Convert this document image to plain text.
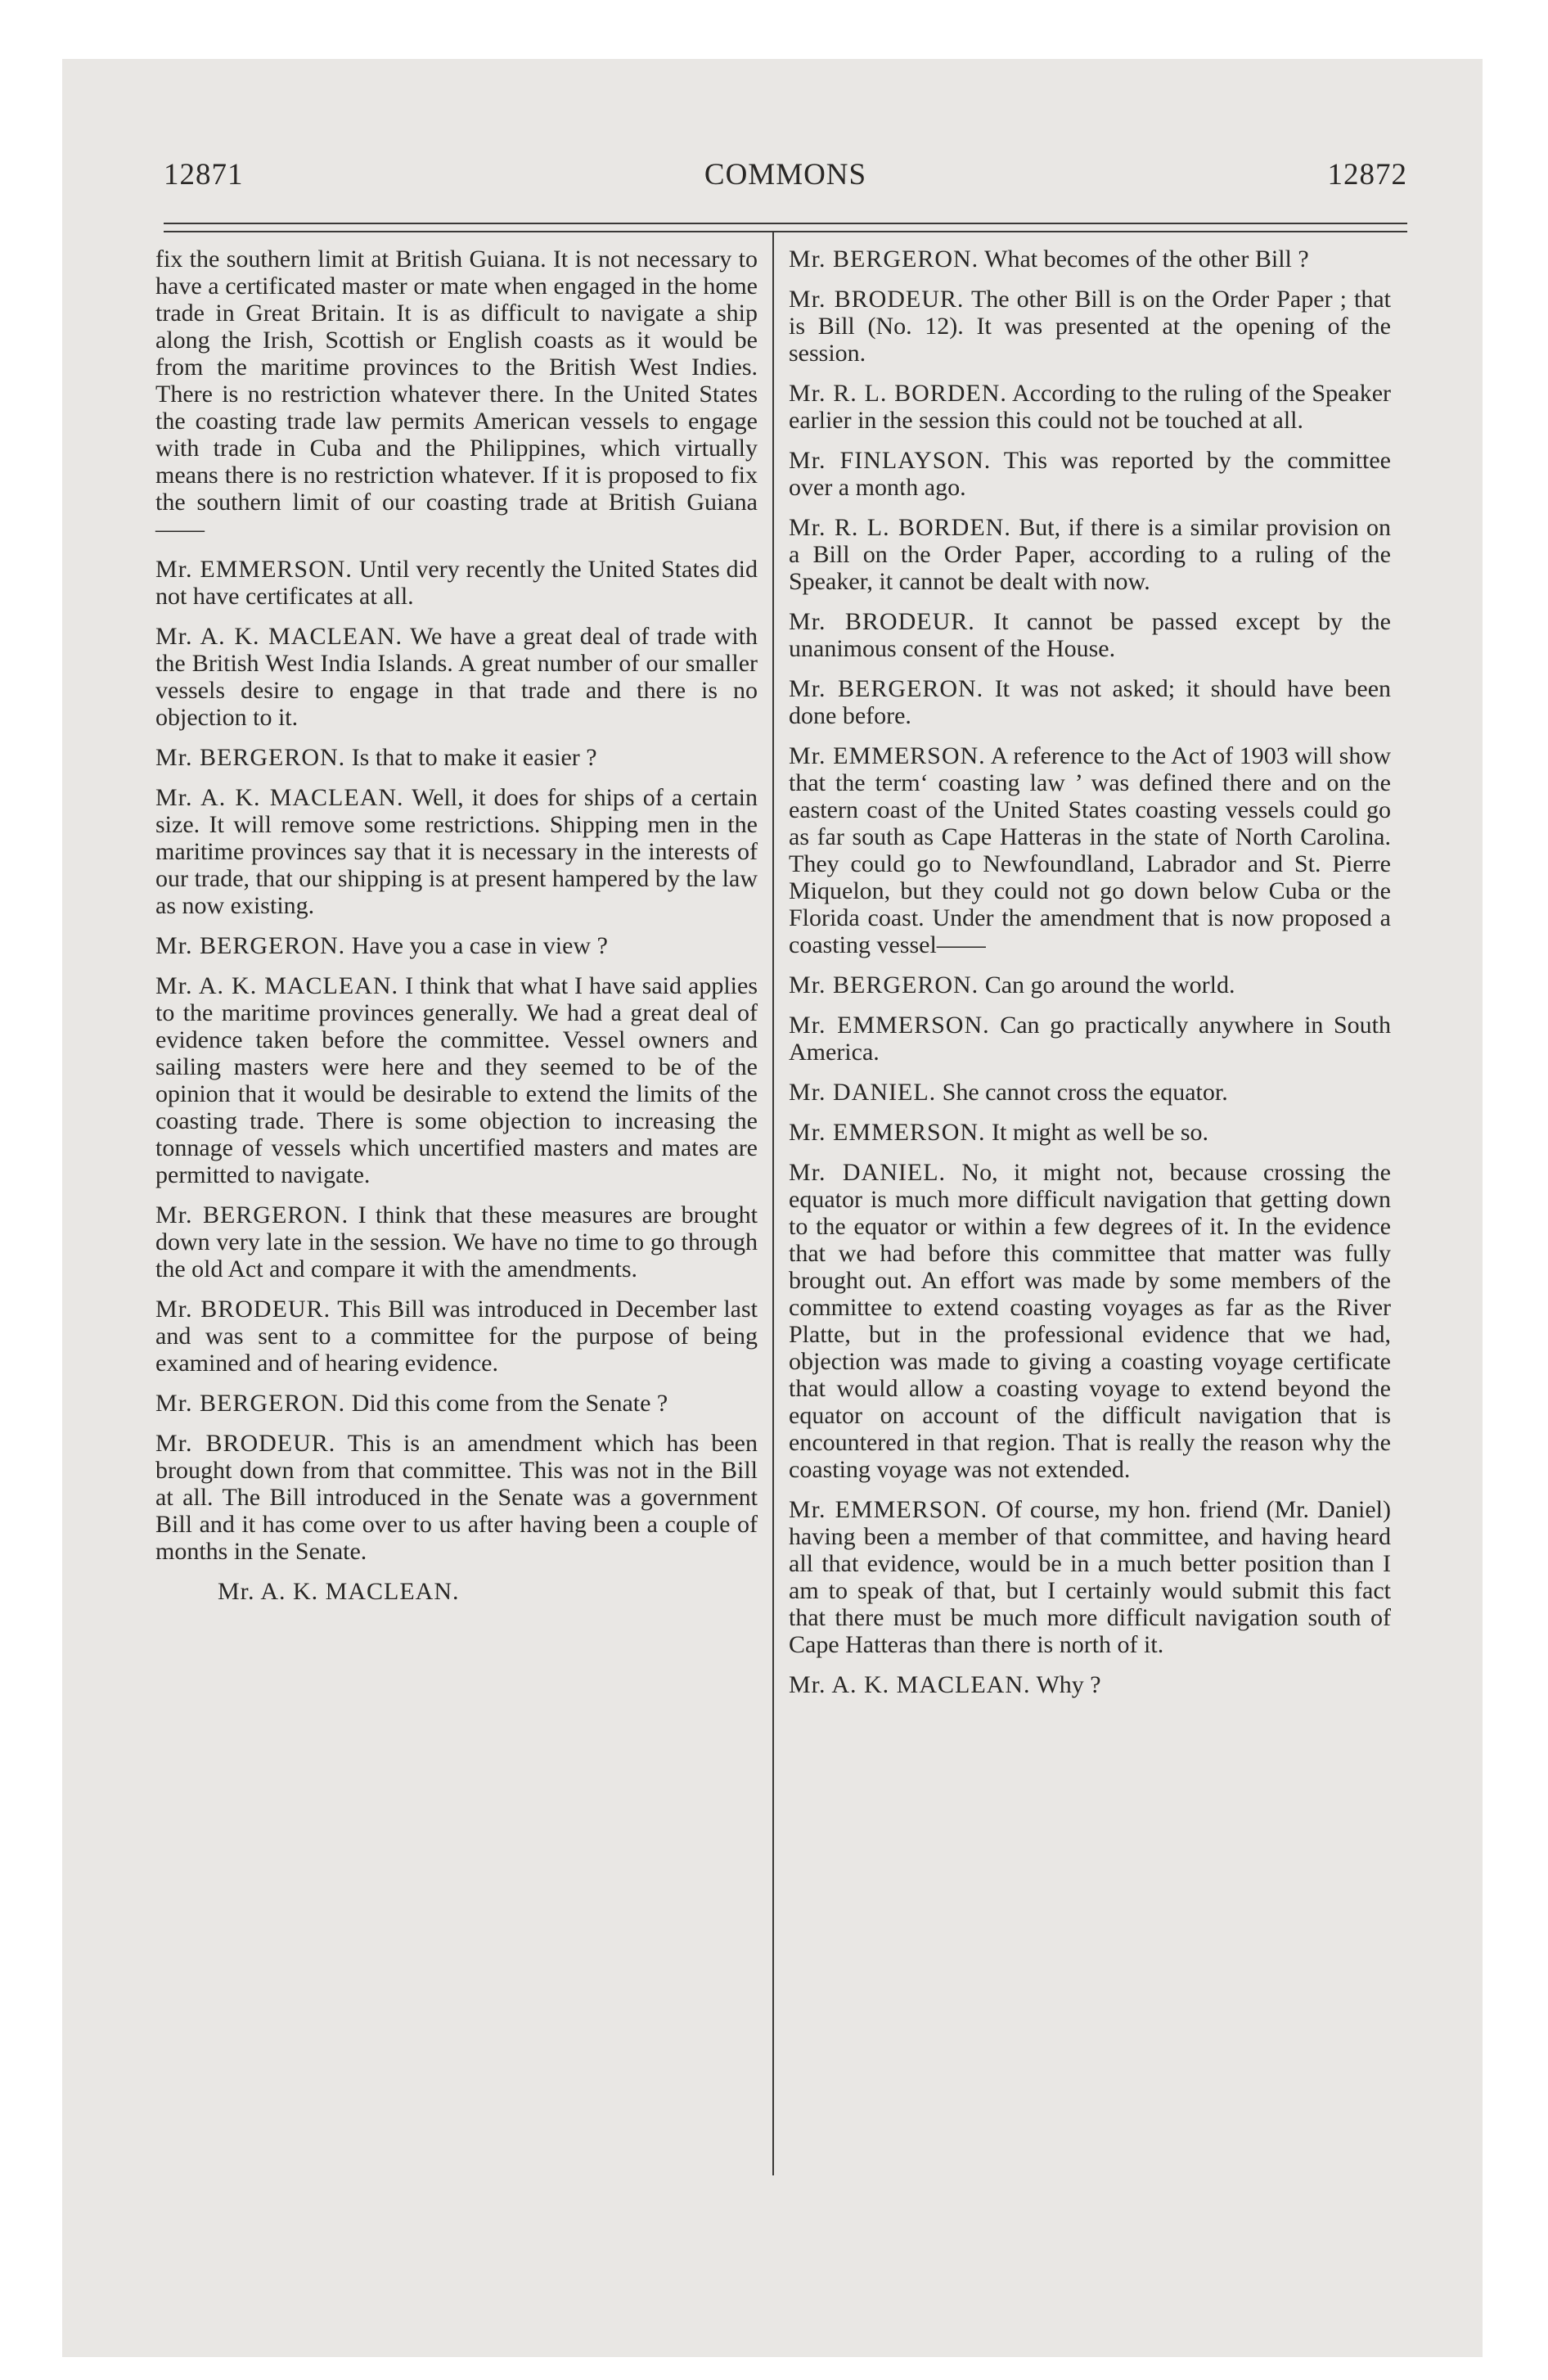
12871	COMMONS	12872

fix the southern limit at British Guiana. It is not necessary to have a certificated master or mate when engaged in the home trade in Great Britain. It is as difficult to navigate a ship along the Irish, Scottish or English coasts as it would be from the maritime provinces to the British West Indies. There is no restriction whatever there. In the United States the coasting trade law permits American vessels to engage with trade in Cuba and the Philippines, which virtually means there is no restriction whatever. If it is proposed to fix the southern limit of our coasting trade at British Guiana——

Mr. EMMERSON. Until very recently the United States did not have certificates at all.

Mr. A. K. MACLEAN. We have a great deal of trade with the British West India Islands. A great number of our smaller vessels desire to engage in that trade and there is no objection to it.

Mr. BERGERON. Is that to make it easier ?

Mr. A. K. MACLEAN. Well, it does for ships of a certain size. It will remove some restrictions. Shipping men in the maritime provinces say that it is necessary in the interests of our trade, that our shipping is at present hampered by the law as now existing.

Mr. BERGERON. Have you a case in view ?

Mr. A. K. MACLEAN. I think that what I have said applies to the maritime provinces generally. We had a great deal of evidence taken before the committee. Vessel owners and sailing masters were here and they seemed to be of the opinion that it would be desirable to extend the limits of the coasting trade. There is some objection to increasing the tonnage of vessels which uncertified masters and mates are permitted to navigate.

Mr. BERGERON. I think that these measures are brought down very late in the session. We have no time to go through the old Act and compare it with the amendments.

Mr. BRODEUR. This Bill was introduced in December last and was sent to a committee for the purpose of being examined and of hearing evidence.

Mr. BERGERON. Did this come from the Senate ?

Mr. BRODEUR. This is an amendment which has been brought down from that committee. This was not in the Bill at all. The Bill introduced in the Senate was a government Bill and it has come over to us after having been a couple of months in the Senate.

Mr. A. K. MACLEAN.

Mr. BERGERON. What becomes of the other Bill ?

Mr. BRODEUR. The other Bill is on the Order Paper ; that is Bill (No. 12). It was presented at the opening of the session.

Mr. R. L. BORDEN. According to the ruling of the Speaker earlier in the session this could not be touched at all.

Mr. FINLAYSON. This was reported by the committee over a month ago.

Mr. R. L. BORDEN. But, if there is a similar provision on a Bill on the Order Paper, according to a ruling of the Speaker, it cannot be dealt with now.

Mr. BRODEUR. It cannot be passed except by the unanimous consent of the House.

Mr. BERGERON. It was not asked; it should have been done before.

Mr. EMMERSON. A reference to the Act of 1903 will show that the term‘ coasting law ’ was defined there and on the eastern coast of the United States coasting vessels could go as far south as Cape Hatteras in the state of North Carolina. They could go to Newfoundland, Labrador and St. Pierre Miquelon, but they could not go down below Cuba or the Florida coast. Under the amendment that is now proposed a coasting vessel——

Mr. BERGERON. Can go around the world.

Mr. EMMERSON. Can go practically anywhere in South America.

Mr. DANIEL. She cannot cross the equator.

Mr. EMMERSON. It might as well be so.

Mr. DANIEL. No, it might not, because crossing the equator is much more difficult navigation that getting down to the equator or within a few degrees of it. In the evidence that we had before this committee that matter was fully brought out. An effort was made by some members of the committee to extend coasting voyages as far as the River Platte, but in the professional evidence that we had, objection was made to giving a coasting voyage certificate that would allow a coasting voyage to extend beyond the equator on account of the difficult navigation that is encountered in that region. That is really the reason why the coasting voyage was not extended.

Mr. EMMERSON. Of course, my hon. friend (Mr. Daniel) having been a member of that committee, and having heard all that evidence, would be in a much better position than I am to speak of that, but I certainly would submit this fact that there must be much more difficult navigation south of Cape Hatteras than there is north of it.

Mr. A. K. MACLEAN. Why ?
